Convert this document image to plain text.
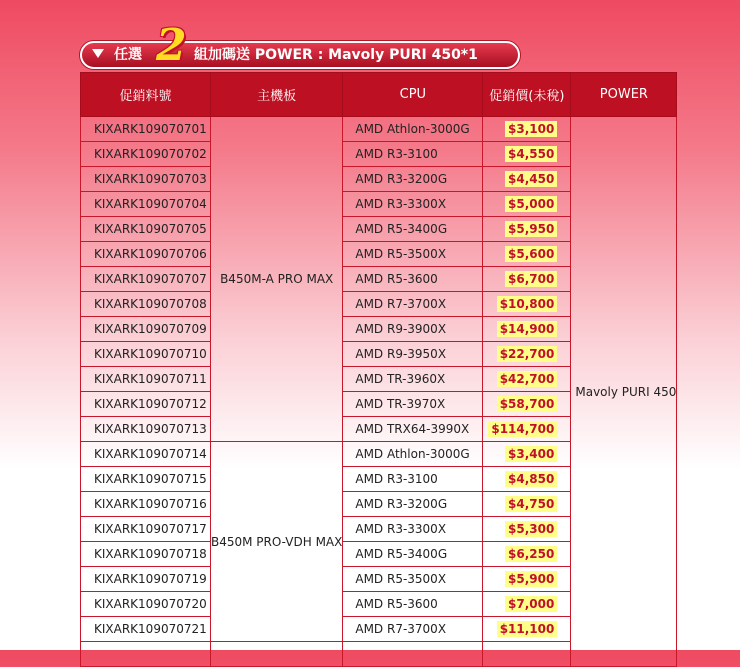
任選	組加碼送 POWER : Mavoly PURI 450*1
2
促銷料號	主機板	CPU	促銷價(未稅)	POWER
KIXARK109070701	B450M-A PRO MAX	AMD Athlon-3000G	$3,100	Mavoly PURI 450
KIXARK109070702		AMD R3-3100	$4,550	
KIXARK109070703		AMD R3-3200G	$4,450	
KIXARK109070704		AMD R3-3300X	$5,000	
KIXARK109070705		AMD R5-3400G	$5,950	
KIXARK109070706		AMD R5-3500X	$5,600	
KIXARK109070707		AMD R5-3600	$6,700	
KIXARK109070708		AMD R7-3700X	$10,800	
KIXARK109070709		AMD R9-3900X	$14,900	
KIXARK109070710		AMD R9-3950X	$22,700	
KIXARK109070711		AMD TR-3960X	$42,700	
KIXARK109070712		AMD TR-3970X	$58,700	
KIXARK109070713		AMD TRX64-3990X	$114,700	
KIXARK109070714	B450M PRO-VDH MAX	AMD Athlon-3000G	$3,400	
KIXARK109070715		AMD R3-3100	$4,850	
KIXARK109070716		AMD R3-3200G	$4,750	
KIXARK109070717		AMD R3-3300X	$5,300	
KIXARK109070718		AMD R5-3400G	$6,250	
KIXARK109070719		AMD R5-3500X	$5,900	
KIXARK109070720		AMD R5-3600	$7,000	
KIXARK109070721		AMD R7-3700X	$11,100	
